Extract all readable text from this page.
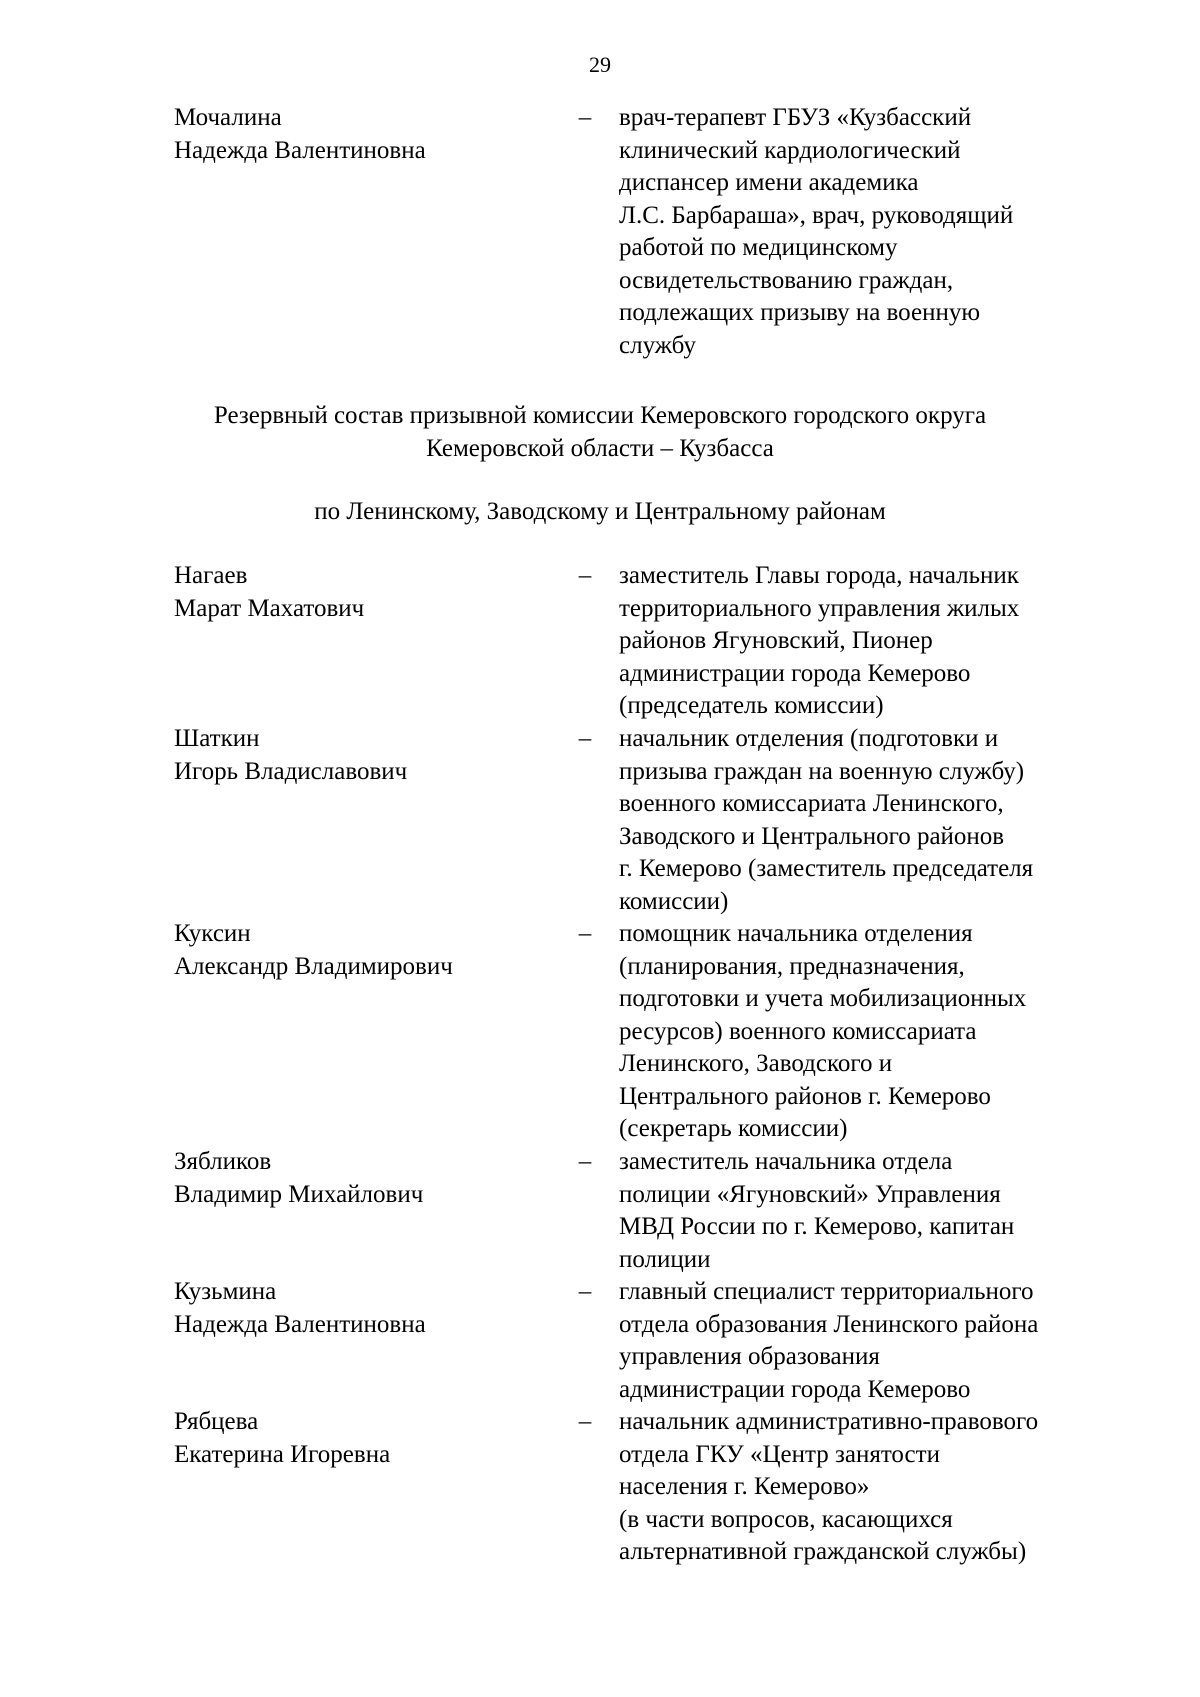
29
Мочалина
Надежда Валентиновна
– врач-терапевт ГБУЗ «Кузбасский
клинический кардиологический
диспансер имени академика
Л.С. Барбараша», врач, руководящий
работой по медицинскому
освидетельствованию граждан,
подлежащих призыву на военную
службу
Резервный состав призывной комиссии Кемеровского городского округа
Кемеровской области – Кузбасса
по Ленинскому, Заводскому и Центральному районам
Нагаев
Марат Махатович
– заместитель Главы города, начальник
территориального управления жилых
районов Ягуновский, Пионер
администрации города Кемерово
(председатель комиссии)
Шаткин
Игорь Владиславович
– начальник отделения (подготовки и
призыва граждан на военную службу)
военного комиссариата Ленинского,
Заводского и Центрального районов
г. Кемерово (заместитель председателя
комиссии)
Куксин
Александр Владимирович
– помощник начальника отделения
(планирования, предназначения,
подготовки и учета мобилизационных
ресурсов) военного комиссариата
Ленинского, Заводского и
Центрального районов г. Кемерово
(секретарь комиссии)
Зябликов
Владимир Михайлович
– заместитель начальника отдела
полиции «Ягуновский» Управления
МВД России по г. Кемерово, капитан
полиции
Кузьмина
Надежда Валентиновна
– главный специалист территориального
отдела образования Ленинского района
управления образования
администрации города Кемерово
Рябцева
Екатерина Игоревна
– начальник административно-правового
отдела ГКУ «Центр занятости
населения г. Кемерово»
(в части вопросов, касающихся
альтернативной гражданской службы)
